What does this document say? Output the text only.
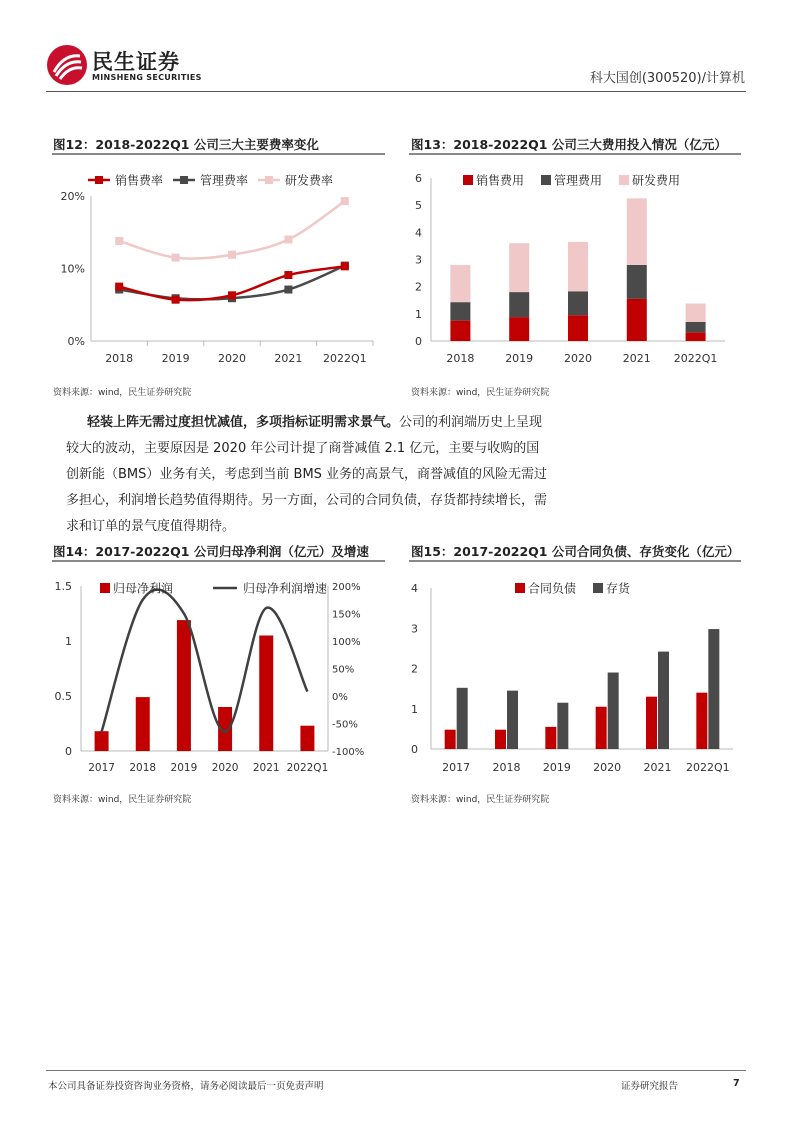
民生证券
MINSHENG SECURITIES	科大国创(300520)/计算机
图12：2018-2022Q1 公司三大主要费率变化
0%
10%
20%
2018	2019	2020	2021 2022Q1
销售费率	管理费率	研发费率
资料来源：wind，民生证券研究院
图13：2018-2022Q1 公司三大费用投入情况（亿元）
0
1
2
3
4
5
6
2018	2019	2020	2021 2022Q1
销售费用 管理费用 研发费用
资料来源：wind，民生证券研究院
轻装上阵无需过度担忧减值，多项指标证明需求景气。公司的利润端历史上呈现较大的波动，主要原因是 2020 年公司计提了商誉减值 2.1 亿元，主要与收购的国创新能（BMS）业务有关，考虑到当前 BMS 业务的高景气，商誉减值的风险无需过多担心，利润增长趋势值得期待。另一方面，公司的合同负债，存货都持续增长，需求和订单的景气度值得期待。
图14：2017-2022Q1 公司归母净利润（亿元）及增速
0
0.5
1
1.5
-100%
-50%
0%
50%
100%
150%
200%
2017 2018 2019 2020 2021 2022Q1
归母净利润	归母净利润增速
资料来源：wind，民生证券研究院
图15：2017-2022Q1 公司合同负债、存货变化（亿元）
0
1
2
3
4
2017 2018 2019 2020 2021 2022Q1
合同负债 存货
资料来源：wind，民生证券研究院
本公司具备证券投资咨询业务资格，请务必阅读最后一页免责声明	证券研究报告	7
